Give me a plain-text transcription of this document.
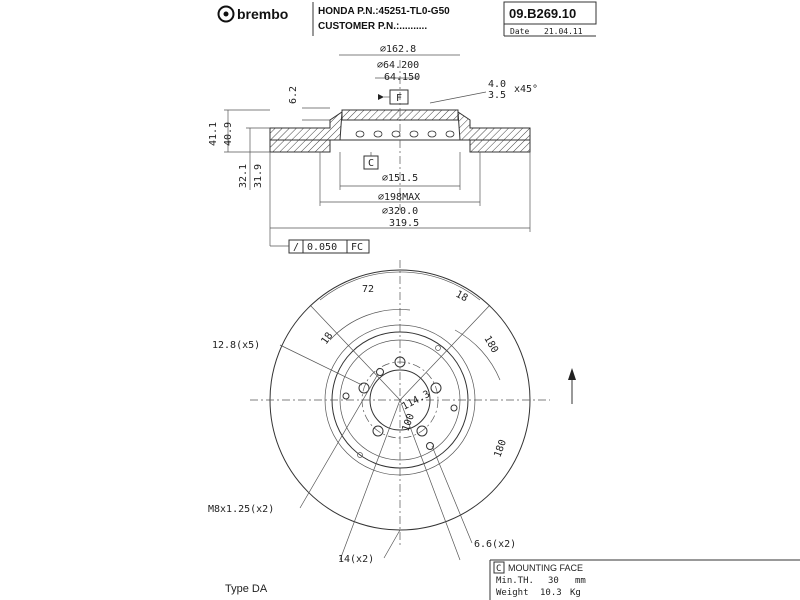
brembo	HONDA P.N.:45251-TL0-G50
CUSTOMER P.N.:..........
09.B269.10
Date 21.04.11
∅162.8
∅64.200
64.150
4.0
3.5
x45°
F
6.2
C
41.1 40.9
32.1 31.9	∅151.5
∅198MAX
∅320.0
319.5
/ 0.050 FC
72	18
18	180
180
114.3
100
12.8(x5)
M8x1.25(x2)
6.6(x2)
14(x2)
Type DA
C MOUNTING FACE
Min.TH. 30 mm
Weight 10.3 Kg
